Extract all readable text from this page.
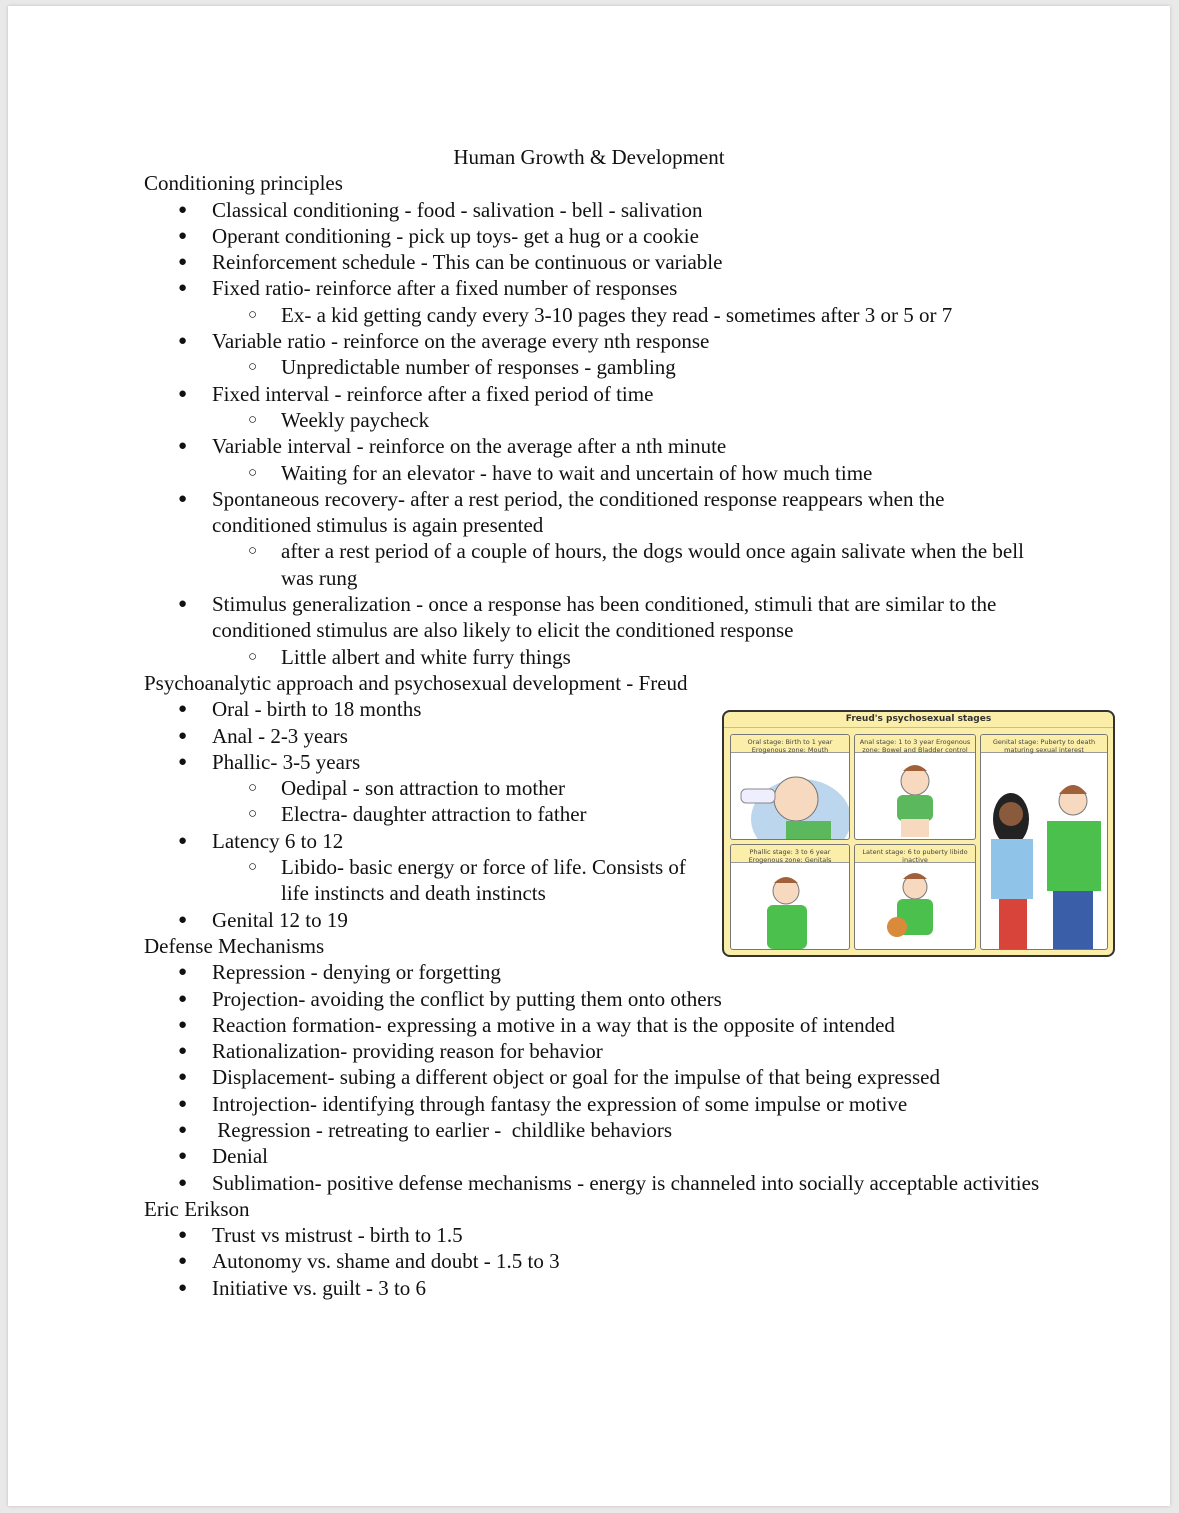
Human Growth & Development
Conditioning principles
● Classical conditioning - food - salivation - bell - salivation
● Operant conditioning - pick up toys- get a hug or a cookie
● Reinforcement schedule - This can be continuous or variable
● Fixed ratio- reinforce after a fixed number of responses
○ Ex- a kid getting candy every 3-10 pages they read - sometimes after 3 or 5 or 7
● Variable ratio - reinforce on the average every nth response
○ Unpredictable number of responses - gambling
● Fixed interval - reinforce after a fixed period of time
○ Weekly paycheck
● Variable interval - reinforce on the average after a nth minute
○ Waiting for an elevator - have to wait and uncertain of how much time
● Spontaneous recovery- after a rest period, the conditioned response reappears when the conditioned stimulus is again presented
○ after a rest period of a couple of hours, the dogs would once again salivate when the bell was rung
● Stimulus generalization - once a response has been conditioned, stimuli that are similar to the conditioned stimulus are also likely to elicit the conditioned response
○ Little albert and white furry things
Psychoanalytic approach and psychosexual development - Freud
● Oral - birth to 18 months
● Anal - 2-3 years
● Phallic- 3-5 years
○ Oedipal - son attraction to mother
○ Electra- daughter attraction to father
● Latency 6 to 12
○ Libido- basic energy or force of life. Consists of life instincts and death instincts
● Genital 12 to 19
Defense Mechanisms
● Repression - denying or forgetting
● Projection- avoiding the conflict by putting them onto others
● Reaction formation- expressing a motive in a way that is the opposite of intended
● Rationalization- providing reason for behavior
● Displacement- subing a different object or goal for the impulse of that being expressed
● Introjection- identifying through fantasy the expression of some impulse or motive
●  Regression - retreating to earlier -  childlike behaviors
● Denial
● Sublimation- positive defense mechanisms - energy is channeled into socially acceptable activities
Eric Erikson
● Trust vs mistrust - birth to 1.5
● Autonomy vs. shame and doubt - 1.5 to 3
● Initiative vs. guilt - 3 to 6
Freud's psychosexual stages
Oral stage: Birth to 1 year Erogenous zone: Mouth
Anal stage: 1 to 3 year Erogenous zone: Bowel and Bladder control
Genital stage: Puberty to death maturing sexual interest
Phallic stage: 3 to 6 year Erogenous zone: Genitals
Latent stage: 6 to puberty libido inactive
